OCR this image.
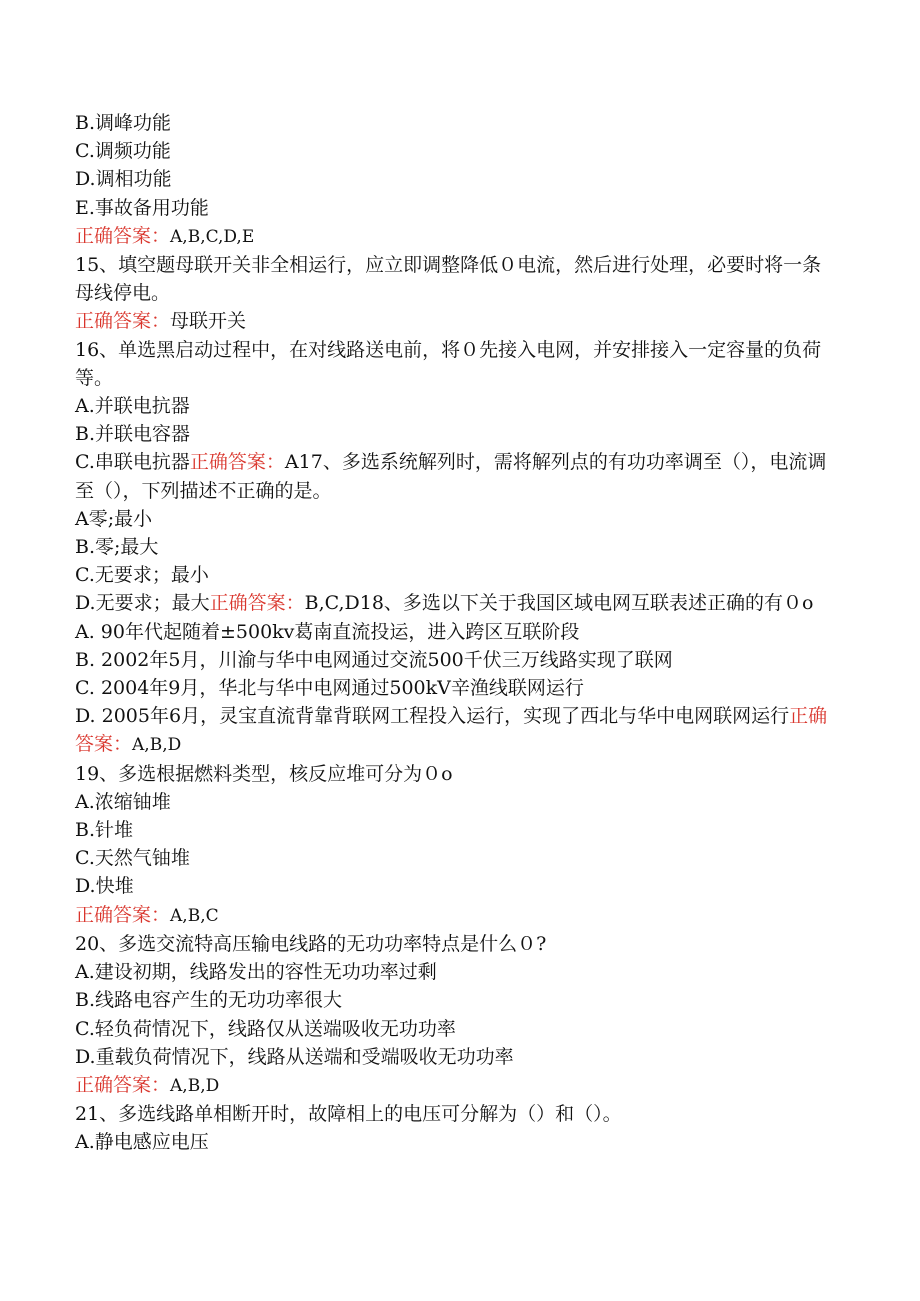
B.调峰功能
C.调频功能
D.调相功能
E.事故备用功能
正确答案：A,B,C,D,E
15、填空题母联开关非全相运行，应立即调整降低０电流，然后进行处理，必要时将一条母线停电。
正确答案：母联开关
16、单选黑启动过程中，在对线路送电前，将０先接入电网，并安排接入一定容量的负荷等。
A.并联电抗器
B.并联电容器
C.串联电抗器正确答案：A17、多选系统解列时，需将解列点的有功功率调至（），电流调至（），下列描述不正确的是。
A零;最小
B.零;最大
C.无要求；最小
D.无要求；最大正确答案：B,C,D18、多选以下关于我国区域电网互联表述正确的有０o
A. 90年代起随着±500kv葛南直流投运，进入跨区互联阶段
B. 2002年5月，川渝与华中电网通过交流500千伏三万线路实现了联网
C. 2004年9月，华北与华中电网通过500kV辛渔线联网运行
D. 2005年6月，灵宝直流背靠背联网工程投入运行，实现了西北与华中电网联网运行正确答案：A,B,D
19、多选根据燃料类型，核反应堆可分为０o
A.浓缩铀堆
B.针堆
C.天然气铀堆
D.快堆
正确答案：A,B,C
20、多选交流特高压输电线路的无功功率特点是什么０?
A.建设初期，线路发出的容性无功功率过剩
B.线路电容产生的无功功率很大
C.轻负荷情况下，线路仅从送端吸收无功功率
D.重载负荷情况下，线路从送端和受端吸收无功功率
正确答案：A,B,D
21、多选线路单相断开时，故障相上的电压可分解为（）和（）。
A.静电感应电压
